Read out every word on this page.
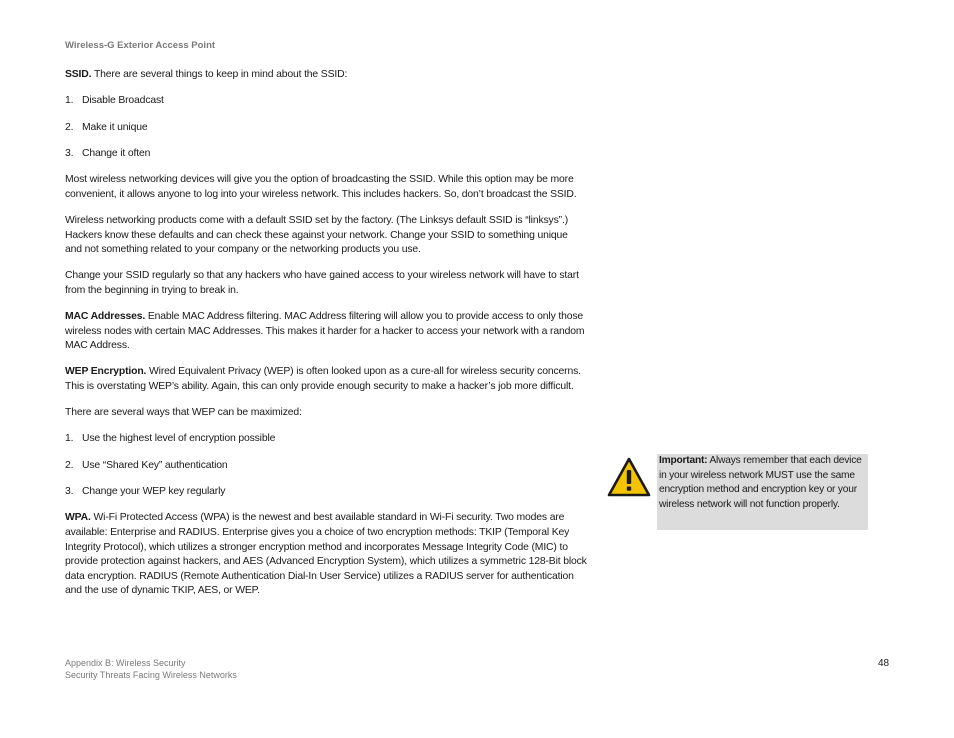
Wireless-G Exterior Access Point

SSID. There are several things to keep in mind about the SSID:

1. Disable Broadcast
2. Make it unique
3. Change it often

Most wireless networking devices will give you the option of broadcasting the SSID. While this option may be more convenient, it allows anyone to log into your wireless network. This includes hackers. So, don’t broadcast the SSID.

Wireless networking products come with a default SSID set by the factory. (The Linksys default SSID is “linksys”.) Hackers know these defaults and can check these against your network. Change your SSID to something unique and not something related to your company or the networking products you use.

Change your SSID regularly so that any hackers who have gained access to your wireless network will have to start from the beginning in trying to break in.

MAC Addresses. Enable MAC Address filtering. MAC Address filtering will allow you to provide access to only those wireless nodes with certain MAC Addresses. This makes it harder for a hacker to access your network with a random MAC Address.

WEP Encryption. Wired Equivalent Privacy (WEP) is often looked upon as a cure-all for wireless security concerns. This is overstating WEP’s ability. Again, this can only provide enough security to make a hacker’s job more difficult.

There are several ways that WEP can be maximized:

1. Use the highest level of encryption possible
2. Use “Shared Key” authentication
3. Change your WEP key regularly

WPA. Wi-Fi Protected Access (WPA) is the newest and best available standard in Wi-Fi security. Two modes are available: Enterprise and RADIUS. Enterprise gives you a choice of two encryption methods: TKIP (Temporal Key Integrity Protocol), which utilizes a stronger encryption method and incorporates Message Integrity Code (MIC) to provide protection against hackers, and AES (Advanced Encryption System), which utilizes a symmetric 128-Bit block data encryption. RADIUS (Remote Authentication Dial-In User Service) utilizes a RADIUS server for authentication and the use of dynamic TKIP, AES, or WEP.

Important: Always remember that each device in your wireless network MUST use the same encryption method and encryption key or your wireless network will not function properly.
Appendix B: Wireless Security
Security Threats Facing Wireless Networks
48
